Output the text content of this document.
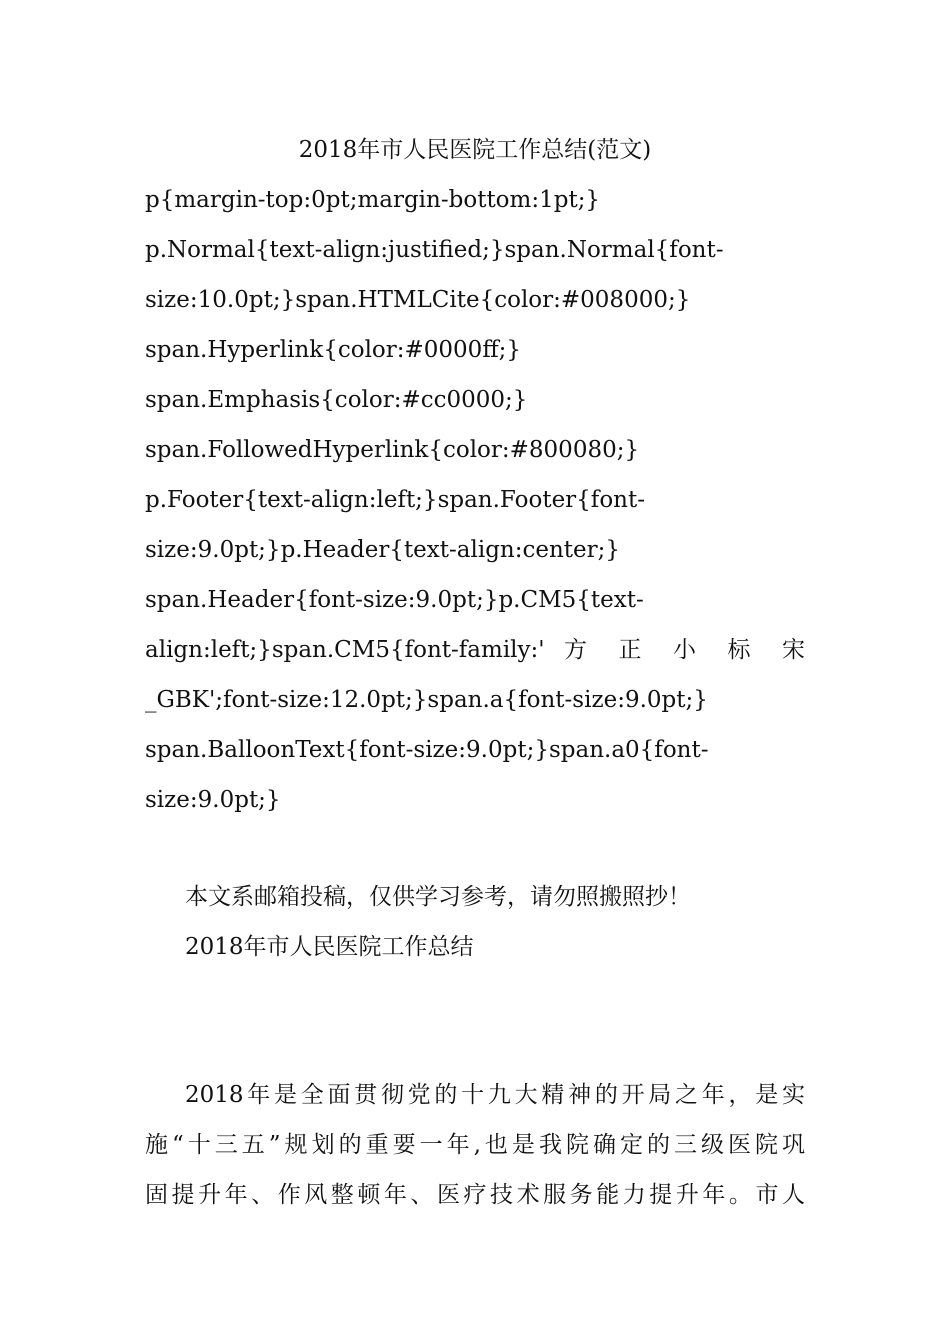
2018年市人民医院工作总结(范文)
p{margin-top:0pt;margin-bottom:1pt;}
p.Normal{text-align:justified;}span.Normal{font-
size:10.0pt;}span.HTMLCite{color:#008000;}
span.Hyperlink{color:#0000ff;}
span.Emphasis{color:#cc0000;}
span.FollowedHyperlink{color:#800080;}
p.Footer{text-align:left;}span.Footer{font-
size:9.0pt;}p.Header{text-align:center;}
span.Header{font-size:9.0pt;}p.CM5{text-
align:left;}span.CM5{font-family:' 方 正 小 标 宋
_GBK';font-size:12.0pt;}span.a{font-size:9.0pt;}
span.BalloonText{font-size:9.0pt;}span.a0{font-
size:9.0pt;}
本文系邮箱投稿，仅供学习参考，请勿照搬照抄！
2018年市人民医院工作总结
2018年是全面贯彻党的十九大精神的开局之年，是实
施“十三五”规划的重要一年,也是我院确定的三级医院巩
固提升年、作风整顿年、医疗技术服务能力提升年。市人
